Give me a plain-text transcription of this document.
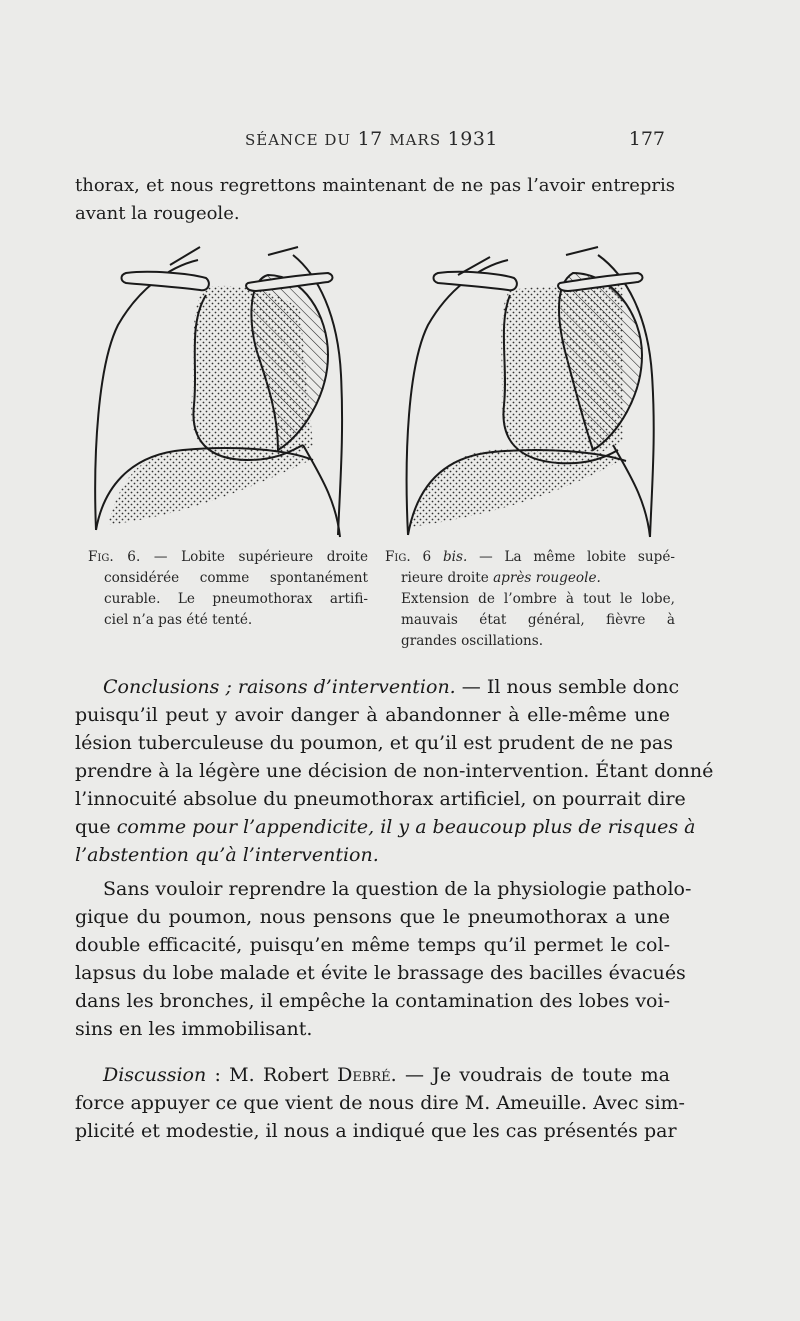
SÉANCE DU 17 MARS 1931	177
thorax, et nous regrettons maintenant de ne pas l’avoir entrepris
avant la rougeole.
Fig. 6. — Lobite supérieure droite
considérée comme spontanément
curable. Le pneumothorax artifi-
ciel n’a pas été tenté.
Fig. 6 bis. — La même lobite supé-
rieure droite après rougeole.
Extension de l’ombre à tout le lobe,
mauvais état général, fièvre à
grandes oscillations.
Conclusions ; raisons d’intervention. — Il nous semble donc
puisqu’il peut y avoir danger à abandonner à elle-même une
lésion tuberculeuse du poumon, et qu’il est prudent de ne pas
prendre à la légère une décision de non-intervention. Étant donné
l’innocuité absolue du pneumothorax artificiel, on pourrait dire
que comme pour l’appendicite, il y a beaucoup plus de risques à
l’abstention qu’à l’intervention.
Sans vouloir reprendre la question de la physiologie patholo-
gique du poumon, nous pensons que le pneumothorax a une
double efficacité, puisqu’en même temps qu’il permet le col-
lapsus du lobe malade et évite le brassage des bacilles évacués
dans les bronches, il empêche la contamination des lobes voi-
sins en les immobilisant.
Discussion : M. Robert Debré. — Je voudrais de toute ma
force appuyer ce que vient de nous dire M. Ameuille. Avec sim-
plicité et modestie, il nous a indiqué que les cas présentés par
